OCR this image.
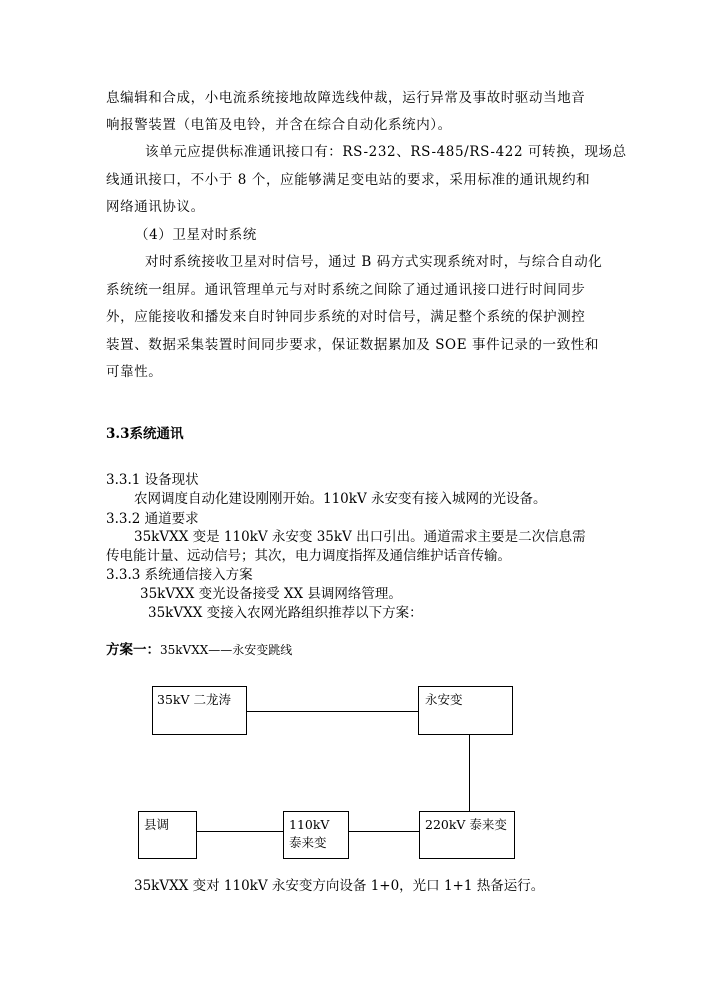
息编辑和合成，小电流系统接地故障选线仲裁，运行异常及事故时驱动当地音
响报警装置（电笛及电铃，并含在综合自动化系统内）。
该单元应提供标准通讯接口有：RS-232、RS-485/RS-422 可转换，现场总
线通讯接口，不小于 8 个，应能够满足变电站的要求，采用标准的通讯规约和
网络通讯协议。
（4）卫星对时系统
对时系统接收卫星对时信号，通过 B 码方式实现系统对时，与综合自动化
系统统一组屏。通讯管理单元与对时系统之间除了通过通讯接口进行时间同步
外，应能接收和播发来自时钟同步系统的对时信号，满足整个系统的保护测控
装置、数据采集装置时间同步要求，保证数据累加及 SOE 事件记录的一致性和
可靠性。
3.3系统通讯
3.3.1 设备现状
农网调度自动化建设刚刚开始。110kV 永安变有接入城网的光设备。
3.3.2 通道要求
35kVXX 变是 110kV 永安变 35kV 出口引出。通道需求主要是二次信息需
传电能计量、远动信号；其次，电力调度指挥及通信维护话音传输。
3.3.3 系统通信接入方案
35kVXX 变光设备接受 XX 县调网络管理。
35kVXX 变接入农网光路组织推荐以下方案：
方案一：35kVXX——永安变跳线
35kV 二龙涛	永安变
县调	110kV
泰来变
220kV 泰来变
35kVXX 变对 110kV 永安变方向设备 1+0，光口 1+1 热备运行。
